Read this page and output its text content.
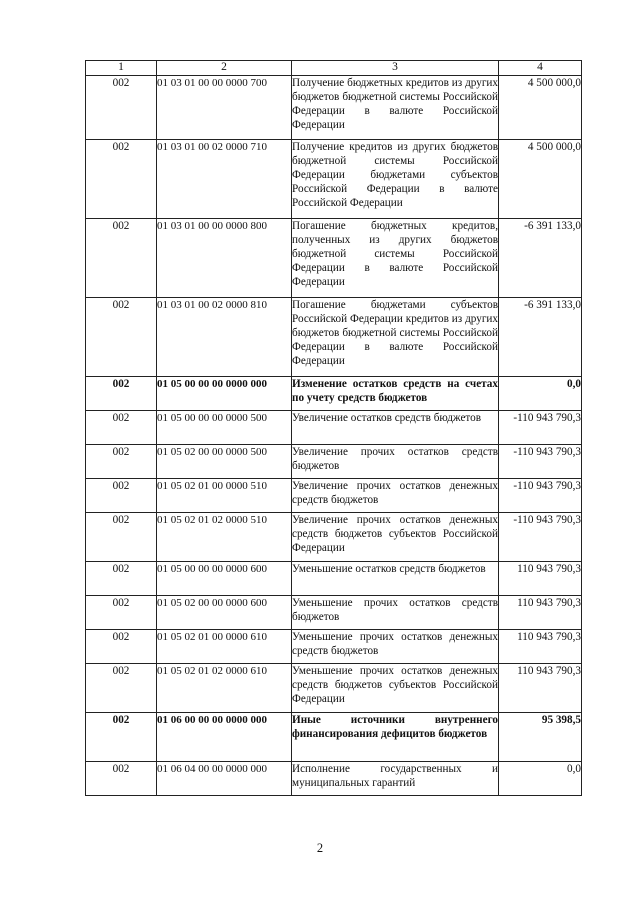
1	2	3	4
002	01 03 01 00 00 0000 700	Получение бюджетных кредитов из других бюджетов бюджетной системы Российской Федерации в валюте Российской Федерации	4 500 000,0
002	01 03 01 00 02 0000 710	Получение кредитов из других бюджетов бюджетной системы Российской Федерации бюджетами субъектов Российской Федерации в валюте Российской Федерации	4 500 000,0
002	01 03 01 00 00 0000 800	Погашение бюджетных кредитов, полученных из других бюджетов бюджетной системы Российской Федерации в валюте Российской Федерации	-6 391 133,0
002	01 03 01 00 02 0000 810	Погашение бюджетами субъектов Российской Федерации кредитов из других бюджетов бюджетной системы Российской Федерации в валюте Российской Федерации	-6 391 133,0
002	01 05 00 00 00 0000 000	Изменение остатков средств на счетах по учету средств бюджетов	0,0
002	01 05 00 00 00 0000 500	Увеличение остатков средств бюджетов	-110 943 790,3
002	01 05 02 00 00 0000 500	Увеличение прочих остатков средств бюджетов	-110 943 790,3
002	01 05 02 01 00 0000 510	Увеличение прочих остатков денежных средств бюджетов	-110 943 790,3
002	01 05 02 01 02 0000 510	Увеличение прочих остатков денежных средств бюджетов субъектов Российской Федерации	-110 943 790,3
002	01 05 00 00 00 0000 600	Уменьшение остатков средств бюджетов	110 943 790,3
002	01 05 02 00 00 0000 600	Уменьшение прочих остатков средств бюджетов	110 943 790,3
002	01 05 02 01 00 0000 610	Уменьшение прочих остатков денежных средств бюджетов	110 943 790,3
002	01 05 02 01 02 0000 610	Уменьшение прочих остатков денежных средств бюджетов субъектов Российской Федерации	110 943 790,3
002	01 06 00 00 00 0000 000	Иные источники внутреннего финансирования дефицитов бюджетов	95 398,5
002	01 06 04 00 00 0000 000	Исполнение государственных и муниципальных гарантий	0,0
2
